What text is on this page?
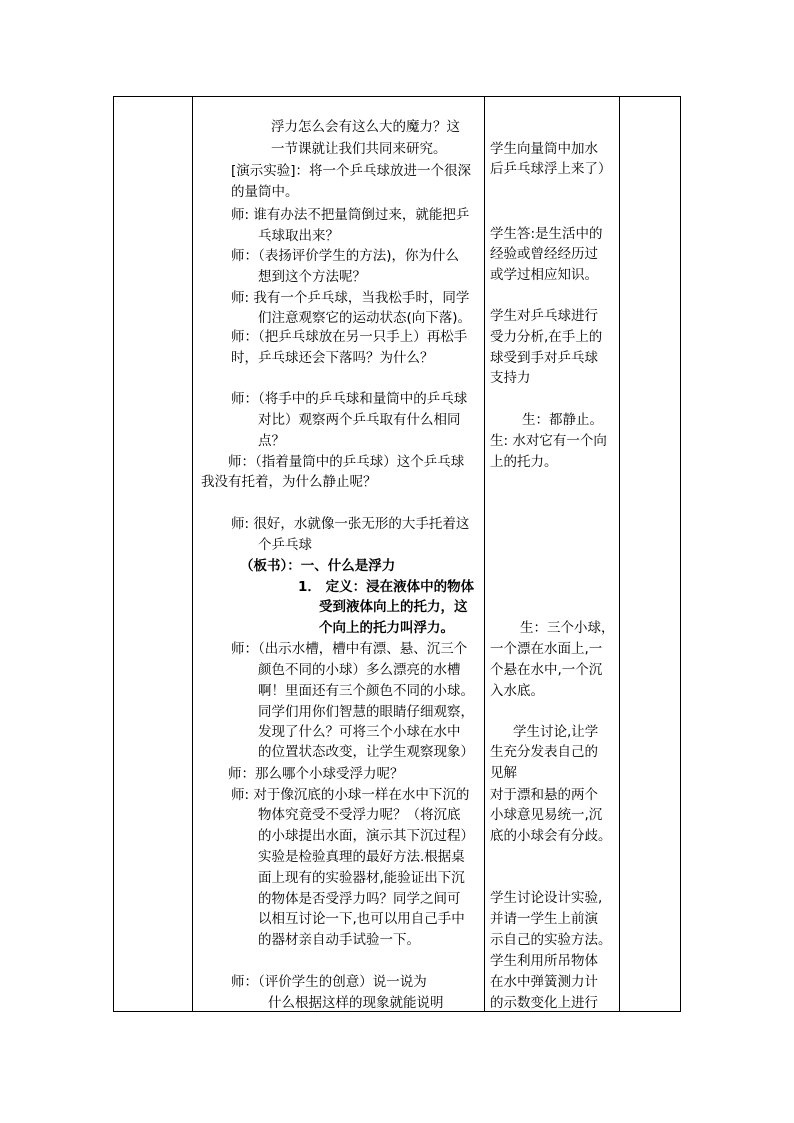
浮力怎么会有这么大的魔力？这
一节课就让我们共同来研究。
[演示实验]：将一个乒乓球放进一个很深
的量筒中。
师: 谁有办法不把量筒倒过来，就能把乒
乓球取出来？
师：（表扬评价学生的方法)，你为什么
想到这个方法呢？
师: 我有一个乒乓球，当我松手时，同学
们注意观察它的运动状态(向下落)。
师：（把乒乓球放在另一只手上）再松手
时，乒乓球还会下落吗？为什么？
师：（将手中的乒乓球和量筒中的乒乓球
对比）观察两个乒乓取有什么相同
点？
师：（指着量筒中的乒乓球）这个乒乓球
我没有托着，为什么静止呢？
师: 很好，水就像一张无形的大手托着这
个乒乓球
（板书）：一、什么是浮力
1． 定义：浸在液体中的物体
受到液体向上的托力，这
个向上的托力叫浮力。
师：（出示水槽，槽中有漂、悬、沉三个
颜色不同的小球）多么漂亮的水槽
啊！里面还有三个颜色不同的小球。
同学们用你们智慧的眼睛仔细观察，
发现了什么？可将三个小球在水中
的位置状态改变，让学生观察现象）
师：那么哪个小球受浮力呢？
师: 对于像沉底的小球一样在水中下沉的
物体究竟受不受浮力呢？（将沉底
的小球提出水面，演示其下沉过程）
实验是检验真理的最好方法.根据桌
面上现有的实验器材,能验证出下沉
的物体是否受浮力吗？同学之间可
以相互讨论一下,也可以用自己手中
的器材亲自动手试验一下。
师：（评价学生的创意）说一说为
什么根据这样的现象就能说明
学生向量筒中加水
后乒乓球浮上来了）
学生答:是生活中的
经验或曾经经历过
或学过相应知识。
学生对乒乓球进行
受力分析,在手上的
球受到手对乒乓球
支持力
生：都静止。
生: 水对它有一个向
上的托力。
生：三个小球，
一个漂在水面上,一
个悬在水中,一个沉
入水底。
学生讨论,让学
生充分发表自己的
见解
对于漂和悬的两个
小球意见易统一,沉
底的小球会有分歧。
学生讨论设计实验,
并请一学生上前演
示自己的实验方法。
学生利用所吊物体
在水中弹簧测力计
的示数变化上进行
